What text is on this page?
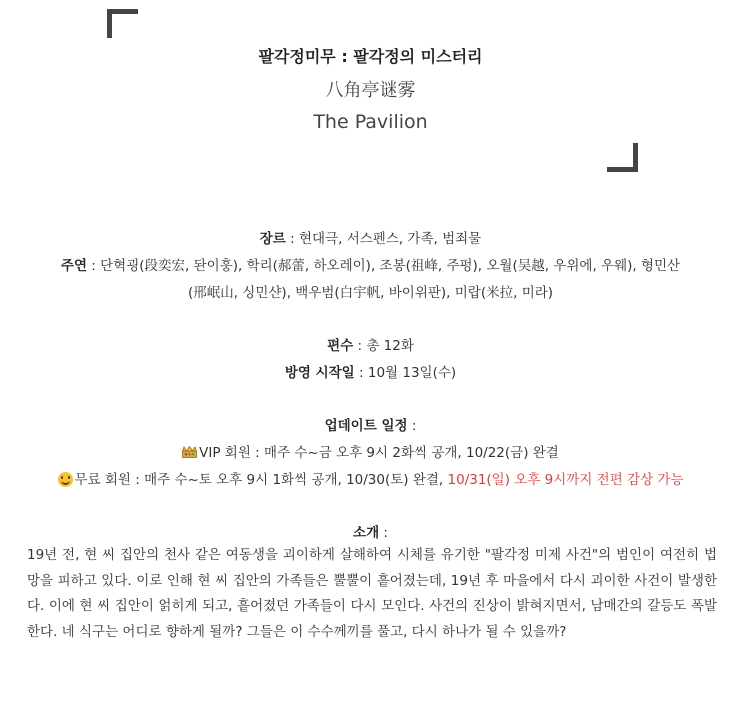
팔각정미무 : 팔각정의 미스터리
八角亭谜雾
The Pavilion
장르 : 현대극, 서스펜스, 가족, 범죄물
주연 : 단혁굉(段奕宏, 돤이훙), 학리(郝蕾, 하오레이), 조봉(祖峰, 주펑), 오월(吴越, 우위에, 우웨), 형민산
(邢岷山, 싱민샨), 백우범(白宇帆, 바이위판), 미랍(米拉, 미라)
편수 : 총 12화
방영 시작일 : 10월 13일(수)
업데이트 일정 :
VIP 회원 : 매주 수~금 오후 9시 2화씩 공개, 10/22(금) 완결
무료 회원 : 매주 수~토 오후 9시 1화씩 공개, 10/30(토) 완결, 10/31(일) 오후 9시까지 전편 감상 가능
소개 :
19년 전, 현 씨 집안의 천사 같은 여동생을 괴이하게 살해하여 시체를 유기한 "팔각정 미제 사건"의 범인이 여전히 법망을 피하고 있다. 이로 인해 현 씨 집안의 가족들은 뿔뿔이 흩어졌는데, 19년 후 마을에서 다시 괴이한 사건이 발생한다. 이에 현 씨 집안이 얽히게 되고, 흩어졌던 가족들이 다시 모인다. 사건의 진상이 밝혀지면서, 남매간의 갈등도 폭발한다. 네 식구는 어디로 향하게 될까? 그들은 이 수수께끼를 풀고, 다시 하나가 될 수 있을까?
